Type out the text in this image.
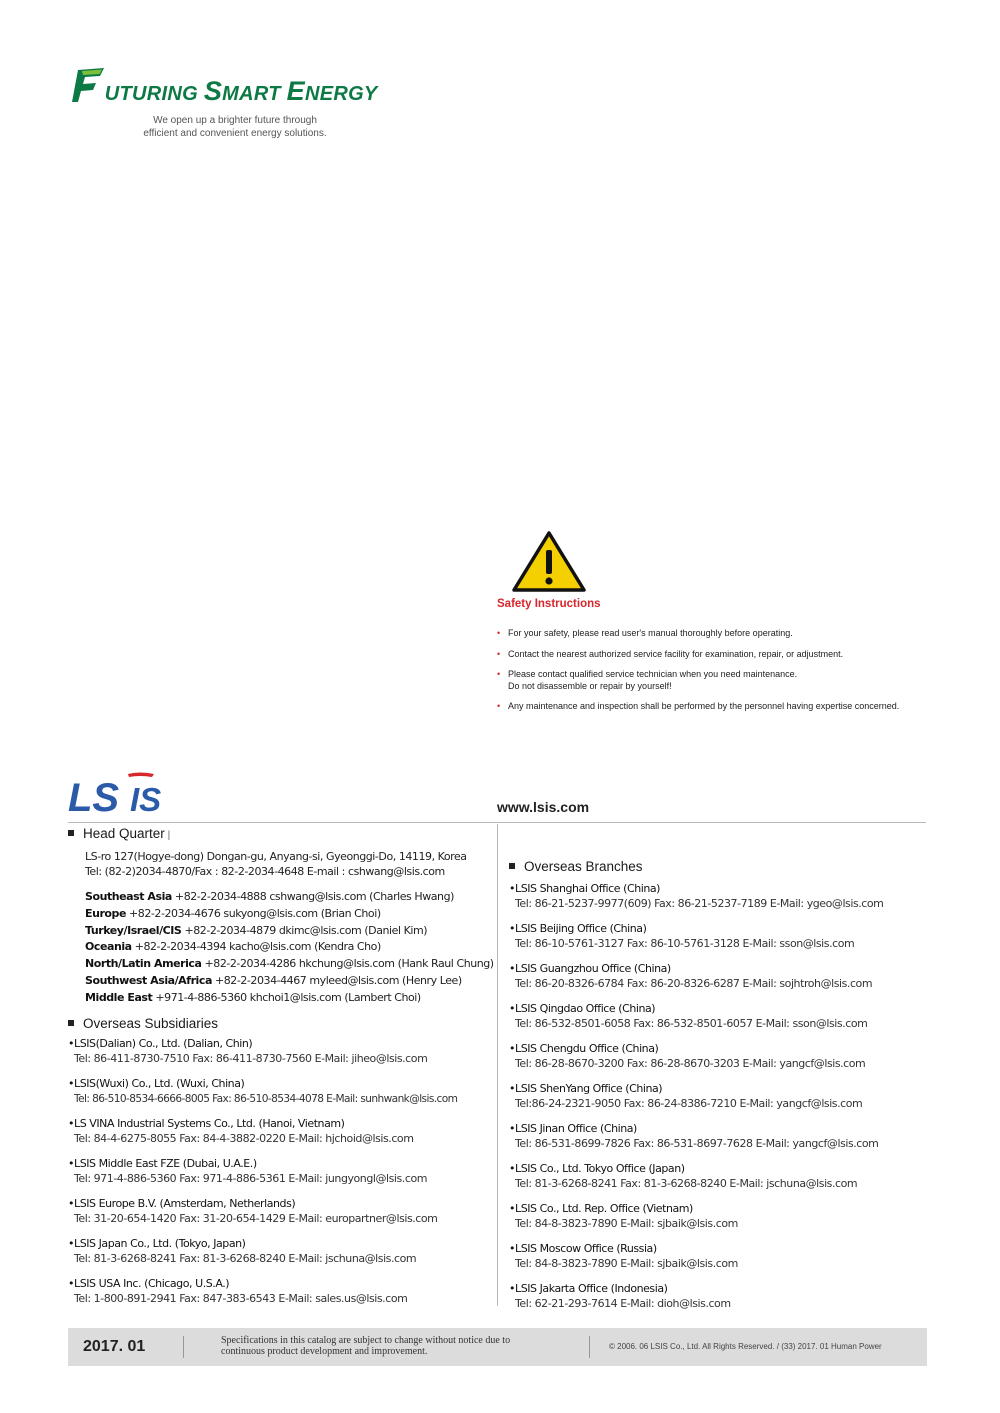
UTURING SMART ENERGY
We open up a brighter future through
efficient and convenient energy solutions.
Safety Instructions
• For your safety, please read user's manual thoroughly before operating.
• Contact the nearest authorized service facility for examination, repair, or adjustment.
• Please contact qualified service technician when you need maintenance.
Do not disassemble or repair by yourself!
• Any maintenance and inspection shall be performed by the personnel having expertise concerned.
LS IS	www.lsis.com
Head Quarter |
LS-ro 127(Hogye-dong) Dongan-gu, Anyang-si, Gyeonggi-Do, 14119, Korea
Tel: (82-2)2034-4870/Fax : 82-2-2034-4648 E-mail : cshwang@lsis.com
Southeast Asia +82-2-2034-4888 cshwang@lsis.com (Charles Hwang)
Europe +82-2-2034-4676 sukyong@lsis.com (Brian Choi)
Turkey/Israel/CIS +82-2-2034-4879 dkimc@lsis.com (Daniel Kim)
Oceania +82-2-2034-4394 kacho@lsis.com (Kendra Cho)
North/Latin America +82-2-2034-4286 hkchung@lsis.com (Hank Raul Chung)
Southwest Asia/Africa +82-2-2034-4467 myleed@lsis.com (Henry Lee)
Middle East +971-4-886-5360 khchoi1@lsis.com (Lambert Choi)
Overseas Subsidiaries
•LSIS(Dalian) Co., Ltd. (Dalian, Chin)
Tel: 86-411-8730-7510 Fax: 86-411-8730-7560 E-Mail: jiheo@lsis.com
•LSIS(Wuxi) Co., Ltd. (Wuxi, China)
Tel: 86-510-8534-6666-8005 Fax: 86-510-8534-4078 E-Mail: sunhwank@lsis.com
•LS VINA Industrial Systems Co., Ltd. (Hanoi, Vietnam)
Tel: 84-4-6275-8055 Fax: 84-4-3882-0220 E-Mail: hjchoid@lsis.com
•LSIS Middle East FZE (Dubai, U.A.E.)
Tel: 971-4-886-5360 Fax: 971-4-886-5361 E-Mail: jungyongl@lsis.com
•LSIS Europe B.V. (Amsterdam, Netherlands)
Tel: 31-20-654-1420 Fax: 31-20-654-1429 E-Mail: europartner@lsis.com
•LSIS Japan Co., Ltd. (Tokyo, Japan)
Tel: 81-3-6268-8241 Fax: 81-3-6268-8240 E-Mail: jschuna@lsis.com
•LSIS USA Inc. (Chicago, U.S.A.)
Tel: 1-800-891-2941 Fax: 847-383-6543 E-Mail: sales.us@lsis.com
Overseas Branches
•LSIS Shanghai Office (China)
Tel: 86-21-5237-9977(609) Fax: 86-21-5237-7189 E-Mail: ygeo@lsis.com
•LSIS Beijing Office (China)
Tel: 86-10-5761-3127 Fax: 86-10-5761-3128 E-Mail: sson@lsis.com
•LSIS Guangzhou Office (China)
Tel: 86-20-8326-6784 Fax: 86-20-8326-6287 E-Mail: sojhtroh@lsis.com
•LSIS Qingdao Office (China)
Tel: 86-532-8501-6058 Fax: 86-532-8501-6057 E-Mail: sson@lsis.com
•LSIS Chengdu Office (China)
Tel: 86-28-8670-3200 Fax: 86-28-8670-3203 E-Mail: yangcf@lsis.com
•LSIS ShenYang Office (China)
Tel:86-24-2321-9050 Fax: 86-24-8386-7210 E-Mail: yangcf@lsis.com
•LSIS Jinan Office (China)
Tel: 86-531-8699-7826 Fax: 86-531-8697-7628 E-Mail: yangcf@lsis.com
•LSIS Co., Ltd. Tokyo Office (Japan)
Tel: 81-3-6268-8241 Fax: 81-3-6268-8240 E-Mail: jschuna@lsis.com
•LSIS Co., Ltd. Rep. Office (Vietnam)
Tel: 84-8-3823-7890 E-Mail: sjbaik@lsis.com
•LSIS Moscow Office (Russia)
Tel: 84-8-3823-7890 E-Mail: sjbaik@lsis.com
•LSIS Jakarta Office (Indonesia)
Tel: 62-21-293-7614 E-Mail: dioh@lsis.com
2017. 01	Specifications in this catalog are subject to change without notice due to
continuous product development and improvement.	© 2006. 06 LSIS Co., Ltd. All Rights Reserved. / (33) 2017. 01 Human Power
